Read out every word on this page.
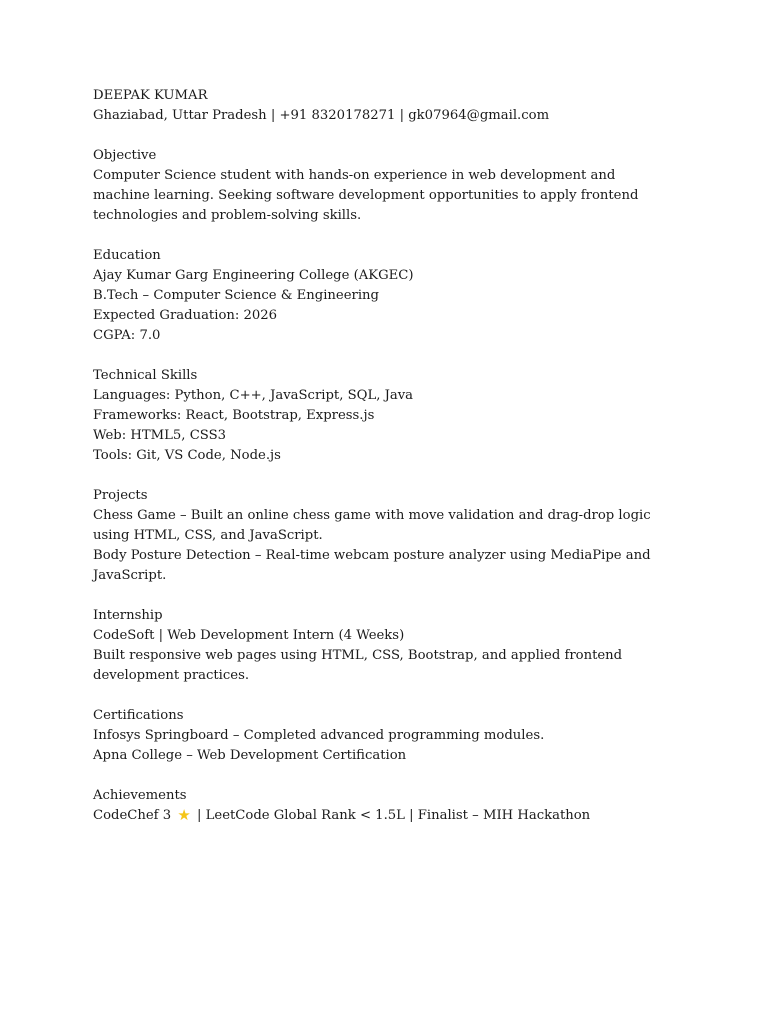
DEEPAK KUMAR
Ghaziabad, Uttar Pradesh | +91 8320178271 | gk07964@gmail.com
Objective
Computer Science student with hands-on experience in web development and machine learning. Seeking software development opportunities to apply frontend technologies and problem-solving skills.
Education
Ajay Kumar Garg Engineering College (AKGEC)
B.Tech – Computer Science & Engineering
Expected Graduation: 2026
CGPA: 7.0
Technical Skills
Languages: Python, C++, JavaScript, SQL, Java
Frameworks: React, Bootstrap, Express.js
Web: HTML5, CSS3
Tools: Git, VS Code, Node.js
Projects
Chess Game – Built an online chess game with move validation and drag-drop logic using HTML, CSS, and JavaScript.
Body Posture Detection – Real-time webcam posture analyzer using MediaPipe and JavaScript.
Internship
CodeSoft | Web Development Intern (4 Weeks)
Built responsive web pages using HTML, CSS, Bootstrap, and applied frontend development practices.
Certifications
Infosys Springboard – Completed advanced programming modules.
Apna College – Web Development Certification
Achievements
CodeChef 3 ★ | LeetCode Global Rank < 1.5L | Finalist – MIH Hackathon
